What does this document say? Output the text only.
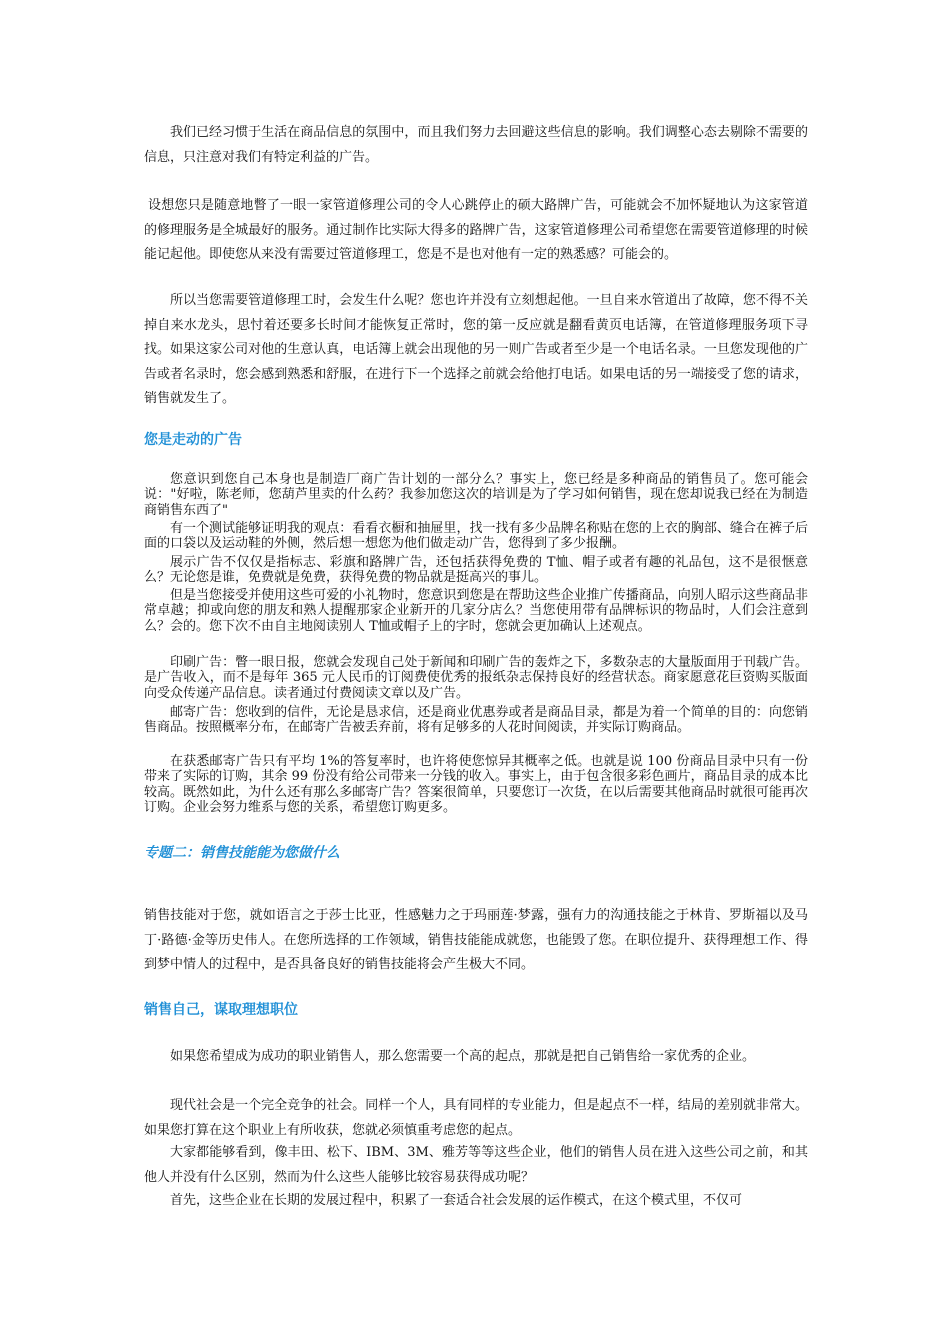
我们已经习惯于生活在商品信息的氛围中，而且我们努力去回避这些信息的影响。我们调整心态去剔除不需要的信息，只注意对我们有特定利益的广告。

设想您只是随意地瞥了一眼一家管道修理公司的令人心跳停止的硕大路牌广告，可能就会不加怀疑地认为这家管道的修理服务是全城最好的服务。通过制作比实际大得多的路牌广告，这家管道修理公司希望您在需要管道修理的时候能记起他。即使您从来没有需要过管道修理工，您是不是也对他有一定的熟悉感？可能会的。

所以当您需要管道修理工时，会发生什么呢？您也许并没有立刻想起他。一旦自来水管道出了故障，您不得不关掉自来水龙头，思忖着还要多长时间才能恢复正常时，您的第一反应就是翻看黄页电话簿，在管道修理服务项下寻找。如果这家公司对他的生意认真，电话簿上就会出现他的另一则广告或者至少是一个电话名录。一旦您发现他的广告或者名录时，您会感到熟悉和舒服，在进行下一个选择之前就会给他打电话。如果电话的另一端接受了您的请求，销售就发生了。

您是走动的广告

您意识到您自己本身也是制造厂商广告计划的一部分么？事实上，您已经是多种商品的销售员了。您可能会说："好啦，陈老师，您葫芦里卖的什么药？我参加您这次的培训是为了学习如何销售，现在您却说我已经在为制造商销售东西了"

有一个测试能够证明我的观点：看看衣橱和抽屉里，找一找有多少品牌名称贴在您的上衣的胸部、缝合在裤子后面的口袋以及运动鞋的外侧，然后想一想您为他们做走动广告，您得到了多少报酬。

展示广告不仅仅是指标志、彩旗和路牌广告，还包括获得免费的 T恤、帽子或者有趣的礼品包，这不是很惬意么？无论您是谁，免费就是免费，获得免费的物品就是挺高兴的事儿。

但是当您接受并使用这些可爱的小礼物时，您意识到您是在帮助这些企业推广传播商品，向别人昭示这些商品非常卓越；抑或向您的朋友和熟人提醒那家企业新开的几家分店么？当您使用带有品牌标识的物品时，人们会注意到么？会的。您下次不由自主地阅读别人 T恤或帽子上的字时，您就会更加确认上述观点。

印刷广告：瞥一眼日报，您就会发现自己处于新闻和印刷广告的轰炸之下，多数杂志的大量版面用于刊载广告。是广告收入，而不是每年 365 元人民币的订阅费使优秀的报纸杂志保持良好的经营状态。商家愿意花巨资购买版面向受众传递产品信息。读者通过付费阅读文章以及广告。

邮寄广告：您收到的信件，无论是恳求信，还是商业优惠券或者是商品目录，都是为着一个简单的目的：向您销售商品。按照概率分布，在邮寄广告被丢弃前，将有足够多的人花时间阅读，并实际订购商品。

在获悉邮寄广告只有平均 1%的答复率时，也许将使您惊异其概率之低。也就是说 100 份商品目录中只有一份带来了实际的订购，其余 99 份没有给公司带来一分钱的收入。事实上，由于包含很多彩色画片，商品目录的成本比较高。既然如此，为什么还有那么多邮寄广告？答案很简单，只要您订一次货，在以后需要其他商品时就很可能再次订购。企业会努力维系与您的关系，希望您订购更多。

专题二：销售技能能为您做什么

销售技能对于您，就如语言之于莎士比亚，性感魅力之于玛丽莲·梦露，强有力的沟通技能之于林肯、罗斯福以及马丁·路德·金等历史伟人。在您所选择的工作领域，销售技能能成就您，也能毁了您。在职位提升、获得理想工作、得到梦中情人的过程中，是否具备良好的销售技能将会产生极大不同。

销售自己，谋取理想职位

如果您希望成为成功的职业销售人，那么您需要一个高的起点，那就是把自己销售给一家优秀的企业。

现代社会是一个完全竞争的社会。同样一个人，具有同样的专业能力，但是起点不一样，结局的差别就非常大。如果您打算在这个职业上有所收获，您就必须慎重考虑您的起点。

大家都能够看到，像丰田、松下、IBM、3M、雅芳等等这些企业，他们的销售人员在进入这些公司之前，和其他人并没有什么区别，然而为什么这些人能够比较容易获得成功呢？

首先，这些企业在长期的发展过程中，积累了一套适合社会发展的运作模式，在这个模式里，不仅可
